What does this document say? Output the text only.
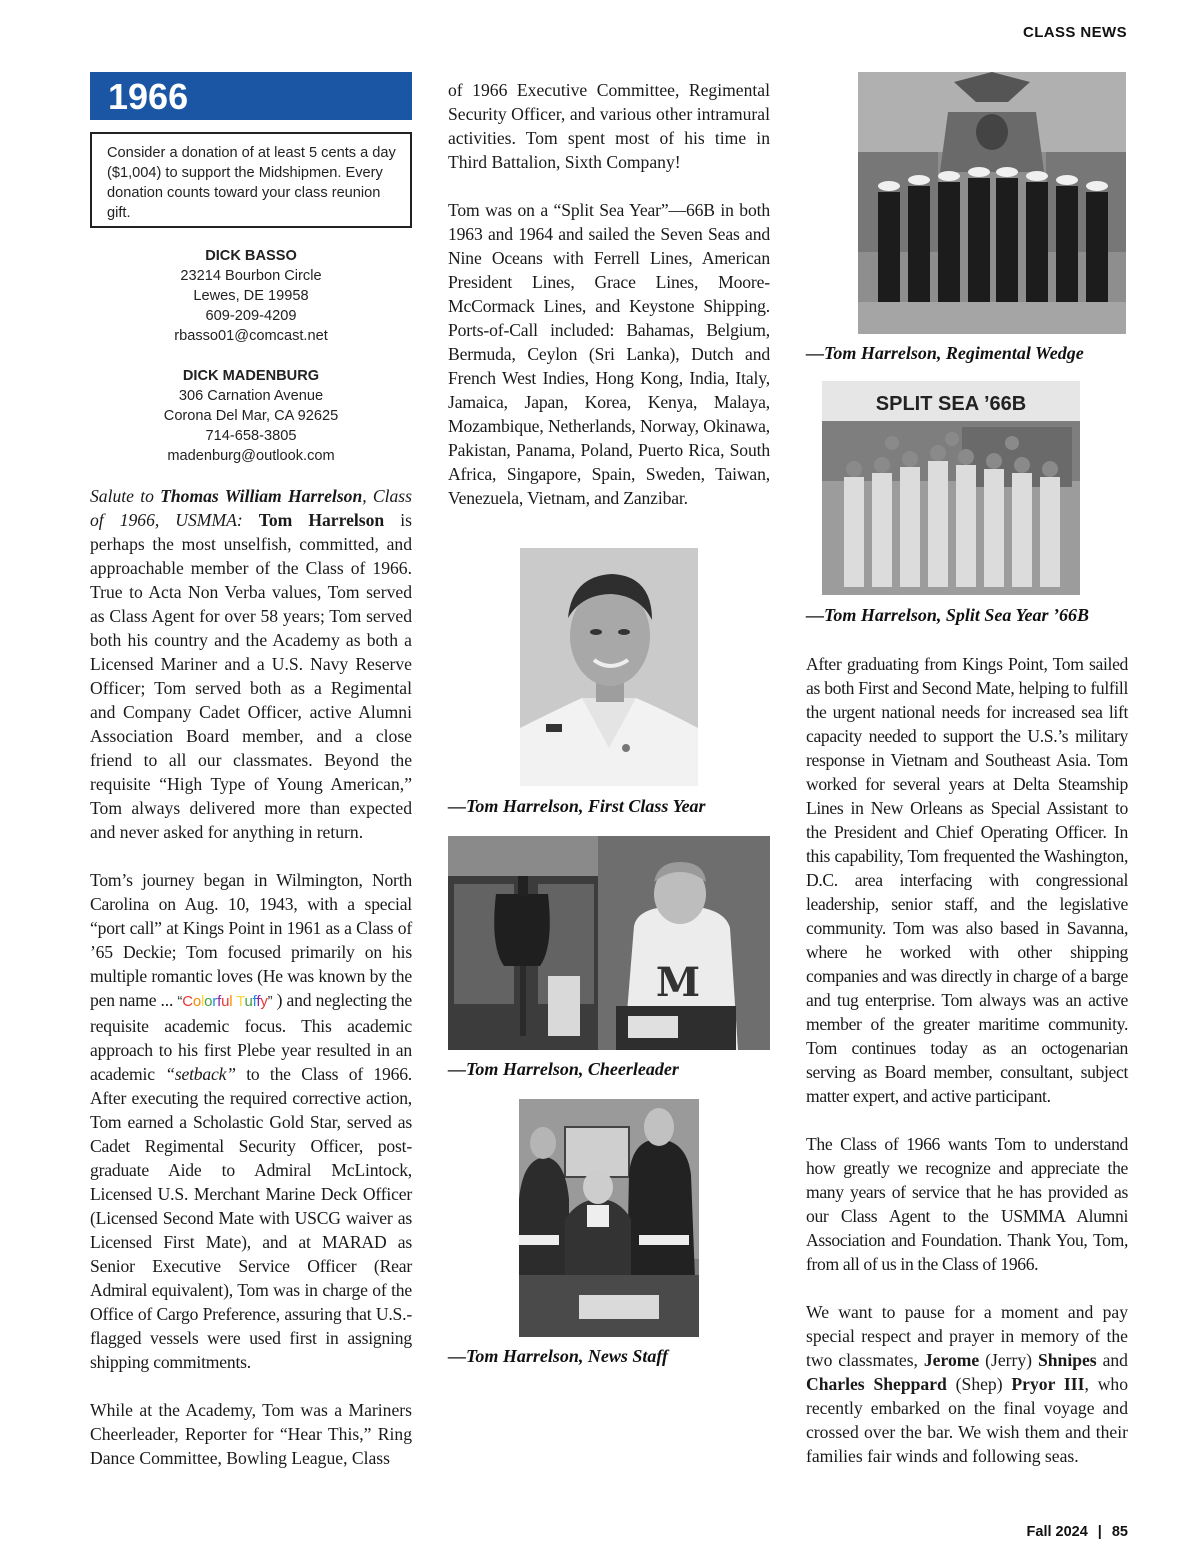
CLASS NEWS
1966
Consider a donation of at least 5 cents a day ($1,004) to support the Midshipmen. Every donation counts toward your class reunion gift.
DICK BASSO
23214 Bourbon Circle
Lewes, DE 19958
609-209-4209
rbasso01@comcast.net
DICK MADENBURG
306 Carnation Avenue
Corona Del Mar, CA 92625
714-658-3805
madenburg@outlook.com

Salute to Thomas William Harrelson, Class of 1966, USMMA: Tom Harrelson is perhaps the most unselfish, committed, and approachable member of the Class of 1966. True to Acta Non Verba values, Tom served as Class Agent for over 58 years; Tom served both his country and the Academy as both a Licensed Mariner and a U.S. Navy Reserve Officer; Tom served both as a Regimental and Company Cadet Officer, active Alumni Association Board member, and a close friend to all our classmates. Beyond the requisite “High Type of Young American,” Tom always delivered more than expected and never asked for anything in return.

Tom’s journey began in Wilmington, North Carolina on Aug. 10, 1943, with a special “port call” at Kings Point in 1961 as a Class of ’65 Deckie; Tom focused primarily on his multiple romantic loves (He was known by the pen name ... “Colorful Tuffy” ) and neglecting the requisite academic focus. This academic approach to his first Plebe year resulted in an academic “setback” to the Class of 1966. After executing the required corrective action, Tom earned a Scholastic Gold Star, served as Cadet Regimental Security Officer, post-graduate Aide to Admiral McLintock, Licensed U.S. Merchant Marine Deck Officer (Licensed Second Mate with USCG waiver as Licensed First Mate), and at MARAD as Senior Executive Service Officer (Rear Admiral equivalent), Tom was in charge of the Office of Cargo Preference, assuring that U.S.-flagged vessels were used first in assigning shipping commitments.

While at the Academy, Tom was a Mariners Cheerleader, Reporter for “Hear This,” Ring Dance Committee, Bowling League, Class

of 1966 Executive Committee, Regimental Security Officer, and various other intramural activities. Tom spent most of his time in Third Battalion, Sixth Company!

Tom was on a “Split Sea Year”—66B in both 1963 and 1964 and sailed the Seven Seas and Nine Oceans with Ferrell Lines, American President Lines, Grace Lines, Moore-McCormack Lines, and Keystone Shipping. Ports-of-Call included: Bahamas, Belgium, Bermuda, Ceylon (Sri Lanka), Dutch and French West Indies, Hong Kong, India, Italy, Jamaica, Japan, Korea, Kenya, Malaya, Mozambique, Netherlands, Norway, Okinawa, Pakistan, Panama, Poland, Puerto Rica, South Africa, Singapore, Spain, Sweden, Taiwan, Venezuela, Vietnam, and Zanzibar.

After graduating from Kings Point, Tom sailed as both First and Second Mate, helping to fulfill the urgent national needs for increased sea lift capacity needed to support the U.S.’s military response in Vietnam and Southeast Asia. Tom worked for several years at Delta Steamship Lines in New Orleans as Special Assistant to the President and Chief Operating Officer. In this capability, Tom frequented the Washington, D.C. area interfacing with congressional leadership, senior staff, and the legislative community. Tom was also based in Savanna, where he worked with other shipping companies and was directly in charge of a barge and tug enterprise. Tom always was an active member of the greater maritime community. Tom continues today as an octogenarian serving as Board member, consultant, subject matter expert, and active participant.

The Class of 1966 wants Tom to understand how greatly we recognize and appreciate the many years of service that he has provided as our Class Agent to the USMMA Alumni Association and Foundation. Thank You, Tom, from all of us in the Class of 1966.

We want to pause for a moment and pay special respect and prayer in memory of the two classmates, Jerome (Jerry) Shnipes and Charles Sheppard (Shep) Pryor III, who recently embarked on the final voyage and crossed over the bar. We wish them and their families fair winds and following seas.

—Tom Harrelson, First Class Year
M
—Tom Harrelson, Cheerleader
—Tom Harrelson, News Staff
—Tom Harrelson, Regimental Wedge
SPLIT SEA ’66B
—Tom Harrelson, Split Sea Year ’66B
Fall 2024 | 85
